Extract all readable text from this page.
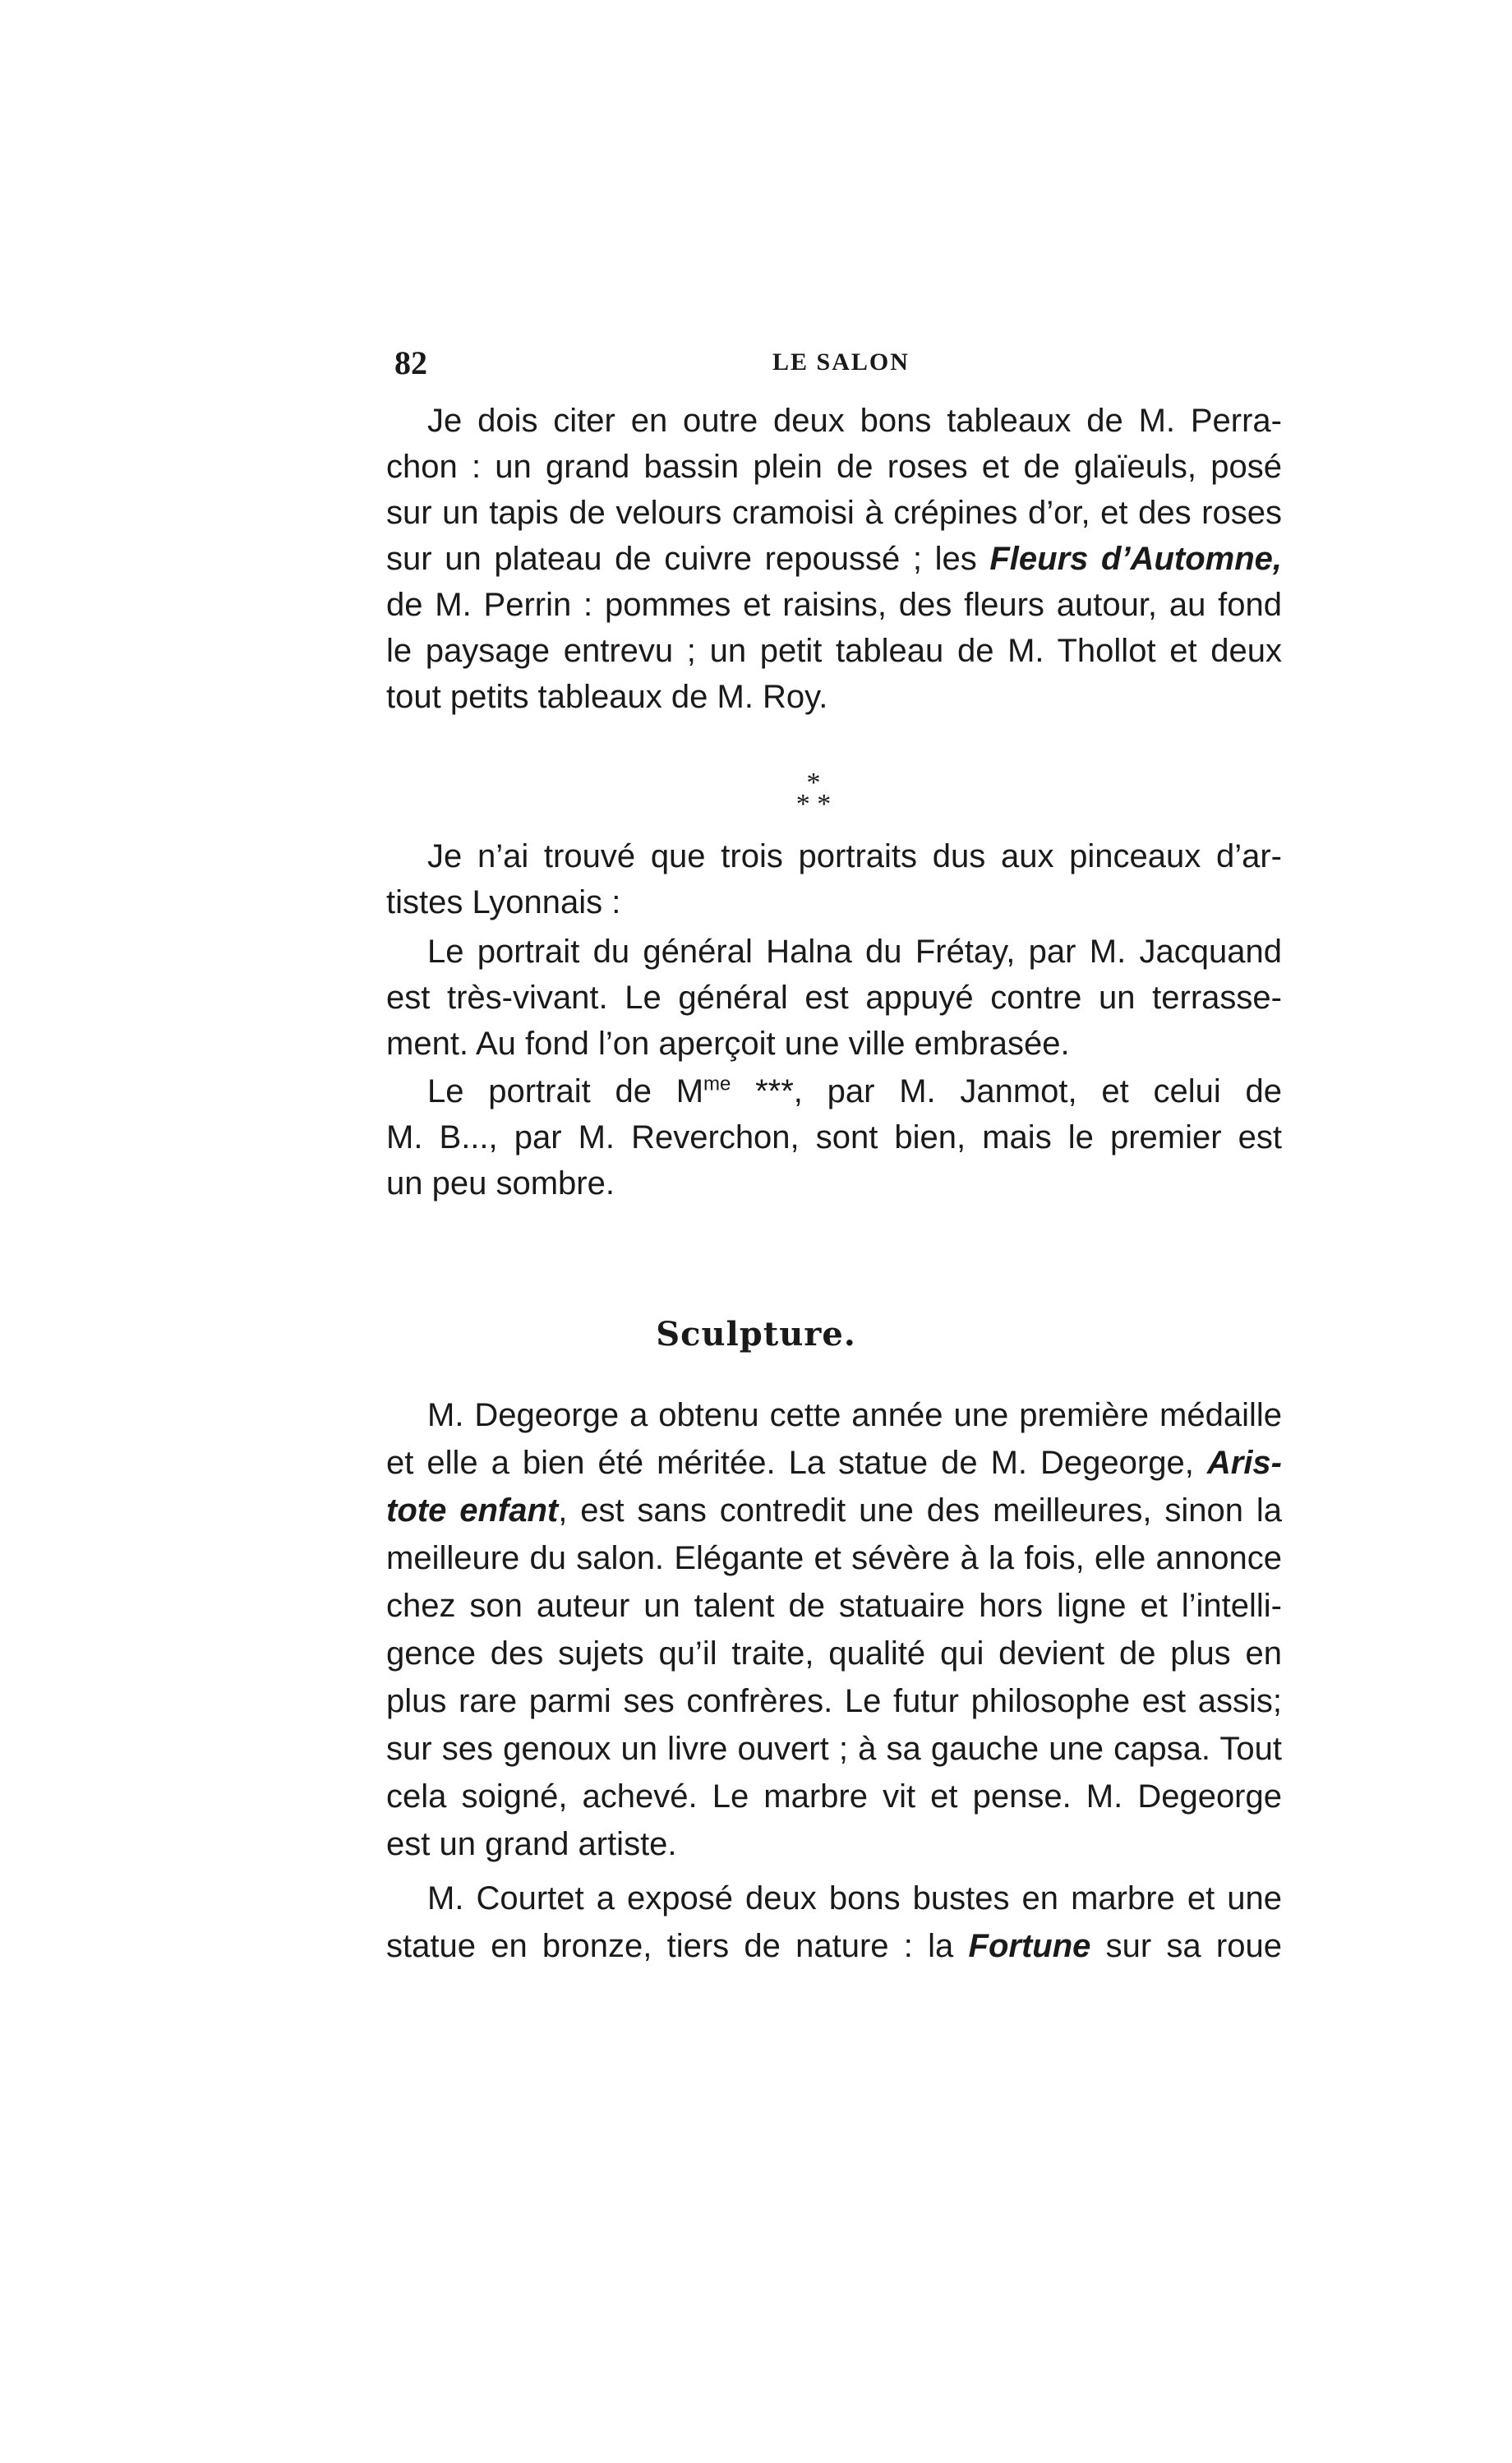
82	LE SALON
Je dois citer en outre deux bons tableaux de M. Perra-
chon : un grand bassin plein de roses et de glaïeuls, posé
sur un tapis de velours cramoisi à crépines d’or, et des roses
sur un plateau de cuivre repoussé ; les Fleurs d’Automne,
de M. Perrin : pommes et raisins, des fleurs autour, au fond
le paysage entrevu ; un petit tableau de M. Thollot et deux
tout petits tableaux de M. Roy.
*
* *
Je n’ai trouvé que trois portraits dus aux pinceaux d’ar-
tistes Lyonnais :
Le portrait du général Halna du Frétay, par M. Jacquand
est très-vivant. Le général est appuyé contre un terrasse-
ment. Au fond l’on aperçoit une ville embrasée.
Le portrait de $M^{me}$ ***, par M. Janmot, et celui de
M. B..., par M. Reverchon, sont bien, mais le premier est
un peu sombre.
Sculpture.
M. Degeorge a obtenu cette année une première médaille
et elle a bien été méritée. La statue de M. Degeorge, Aris-
tote enfant, est sans contredit une des meilleures, sinon la
meilleure du salon. Elégante et sévère à la fois, elle annonce
chez son auteur un talent de statuaire hors ligne et l’intelli-
gence des sujets qu’il traite, qualité qui devient de plus en
plus rare parmi ses confrères. Le futur philosophe est assis;
sur ses genoux un livre ouvert ; à sa gauche une capsa. Tout
cela soigné, achevé. Le marbre vit et pense. M. Degeorge
est un grand artiste.
M. Courtet a exposé deux bons bustes en marbre et une
statue en bronze, tiers de nature : la Fortune sur sa roue
